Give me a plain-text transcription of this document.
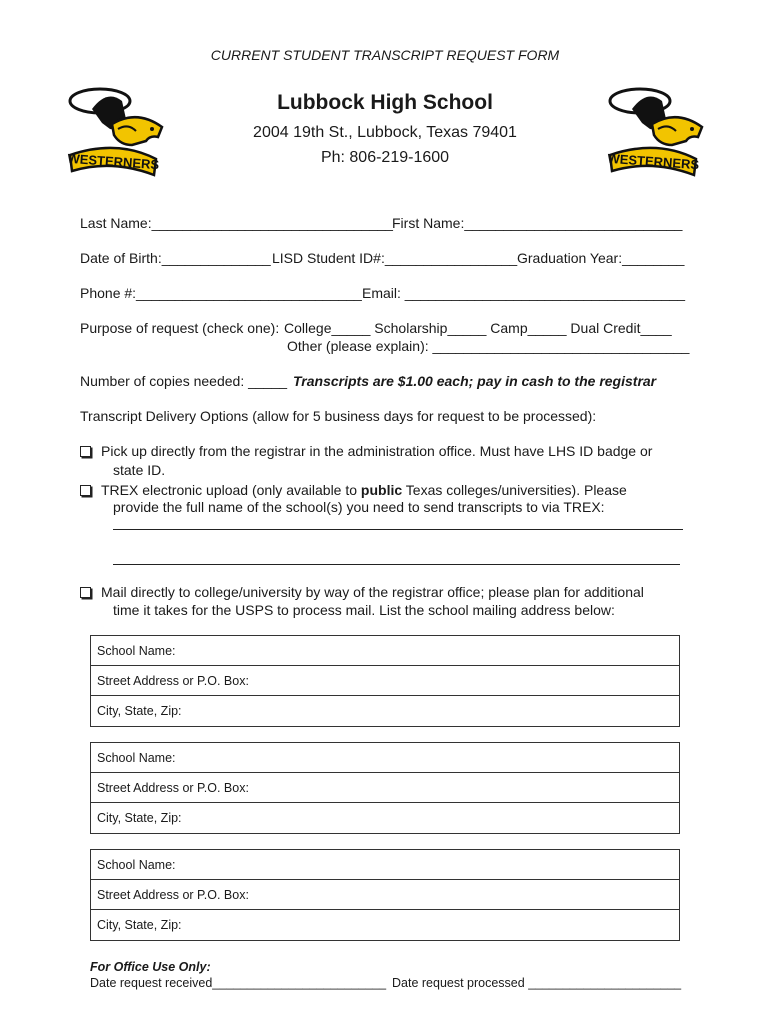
CURRENT STUDENT TRANSCRIPT REQUEST FORM
WESTERNERS	WESTERNERS
Lubbock High School
2004 19th St., Lubbock, Texas 79401
Ph: 806-219-1600
Last Name:_______________________________ First Name:____________________________
Date of Birth:______________ LISD Student ID#:_________________ Graduation Year:________
Phone #:_____________________________ Email: ____________________________________
Purpose of request (check one): College_____ Scholarship_____ Camp_____ Dual Credit____
Other (please explain): _________________________________
Number of copies needed: _____ Transcripts are $1.00 each; pay in cash to the registrar
Transcript Delivery Options (allow for 5 business days for request to be processed):
Pick up directly from the registrar in the administration office. Must have LHS ID badge or
state ID.
TREX electronic upload (only available to public Texas colleges/universities). Please
provide the full name of the school(s) you need to send transcripts to via TREX:
Mail directly to college/university by way of the registrar office; please plan for additional
time it takes for the USPS to process mail. List the school mailing address below:
School Name:
Street Address or P.O. Box:
City, State, Zip:
School Name:
Street Address or P.O. Box:
City, State, Zip:
School Name:
Street Address or P.O. Box:
City, State, Zip:
For Office Use Only:
Date request received_________________________ Date request processed ______________________
